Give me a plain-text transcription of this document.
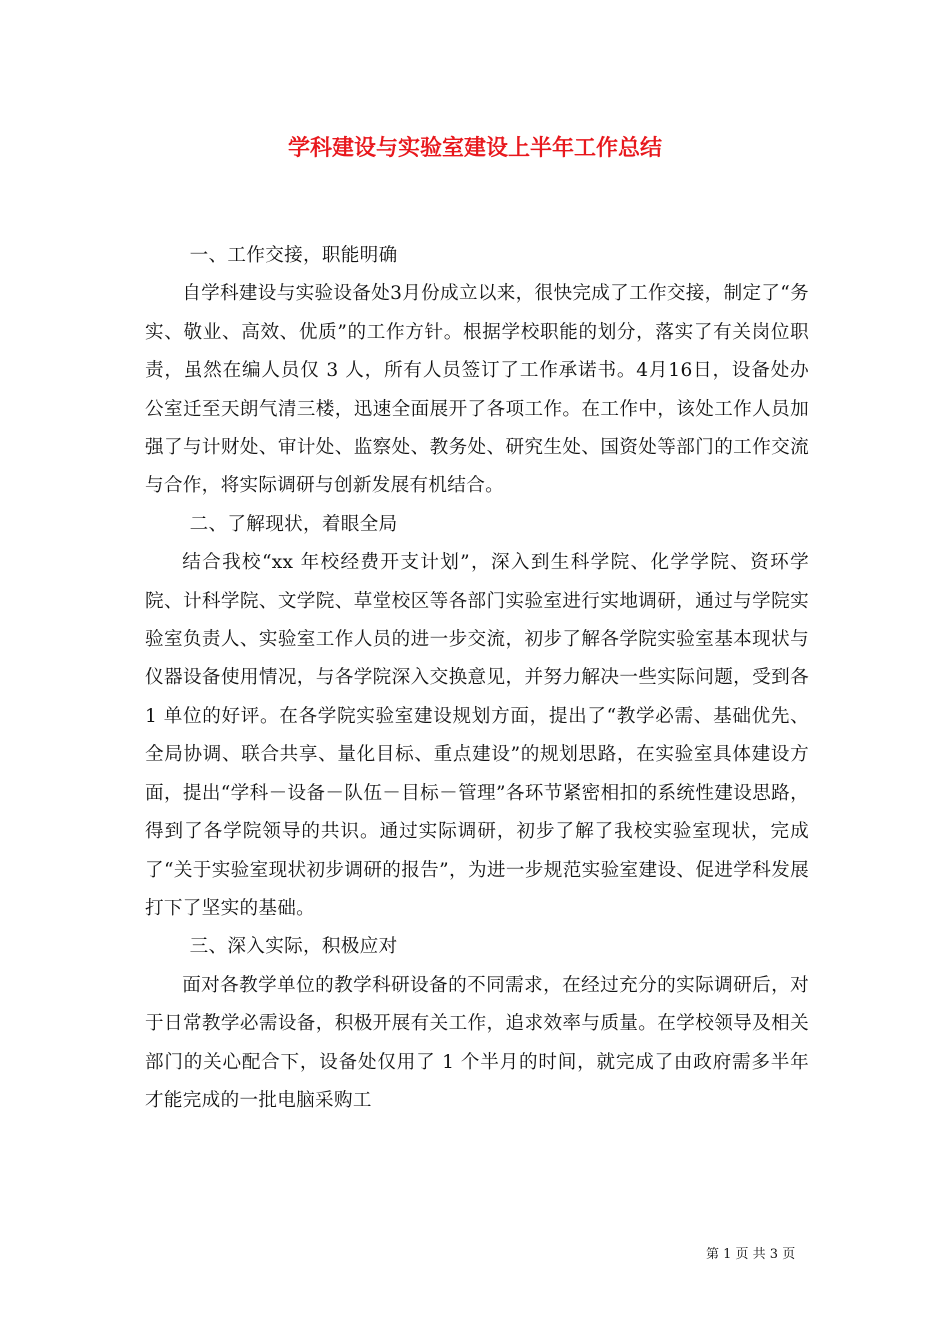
学科建设与实验室建设上半年工作总结

一、工作交接，职能明确

自学科建设与实验设备处3月份成立以来，很快完成了工作交接，制定了“务实、敬业、高效、优质”的工作方针。根据学校职能的划分，落实了有关岗位职责，虽然在编人员仅 3 人，所有人员签订了工作承诺书。4月16日，设备处办公室迁至天朗气清三楼，迅速全面展开了各项工作。在工作中，该处工作人员加强了与计财处、审计处、监察处、教务处、研究生处、国资处等部门的工作交流与合作，将实际调研与创新发展有机结合。

二、了解现状，着眼全局

结合我校“xx 年校经费开支计划”，深入到生科学院、化学学院、资环学院、计科学院、文学院、草堂校区等各部门实验室进行实地调研，通过与学院实验室负责人、实验室工作人员的进一步交流，初步了解各学院实验室基本现状与仪器设备使用情况，与各学院深入交换意见，并努力解决一些实际问题，受到各 1 单位的好评。在各学院实验室建设规划方面，提出了“教学必需、基础优先、全局协调、联合共享、量化目标、重点建设”的规划思路，在实验室具体建设方面，提出“学科－设备－队伍－目标－管理”各环节紧密相扣的系统性建设思路，得到了各学院领导的共识。通过实际调研，初步了解了我校实验室现状，完成了“关于实验室现状初步调研的报告”，为进一步规范实验室建设、促进学科发展打下了坚实的基础。

三、深入实际，积极应对

面对各教学单位的教学科研设备的不同需求，在经过充分的实际调研后，对于日常教学必需设备，积极开展有关工作，追求效率与质量。在学校领导及相关部门的关心配合下，设备处仅用了 1 个半月的时间，就完成了由政府需多半年才能完成的一批电脑采购工

第 1 页 共 3 页
